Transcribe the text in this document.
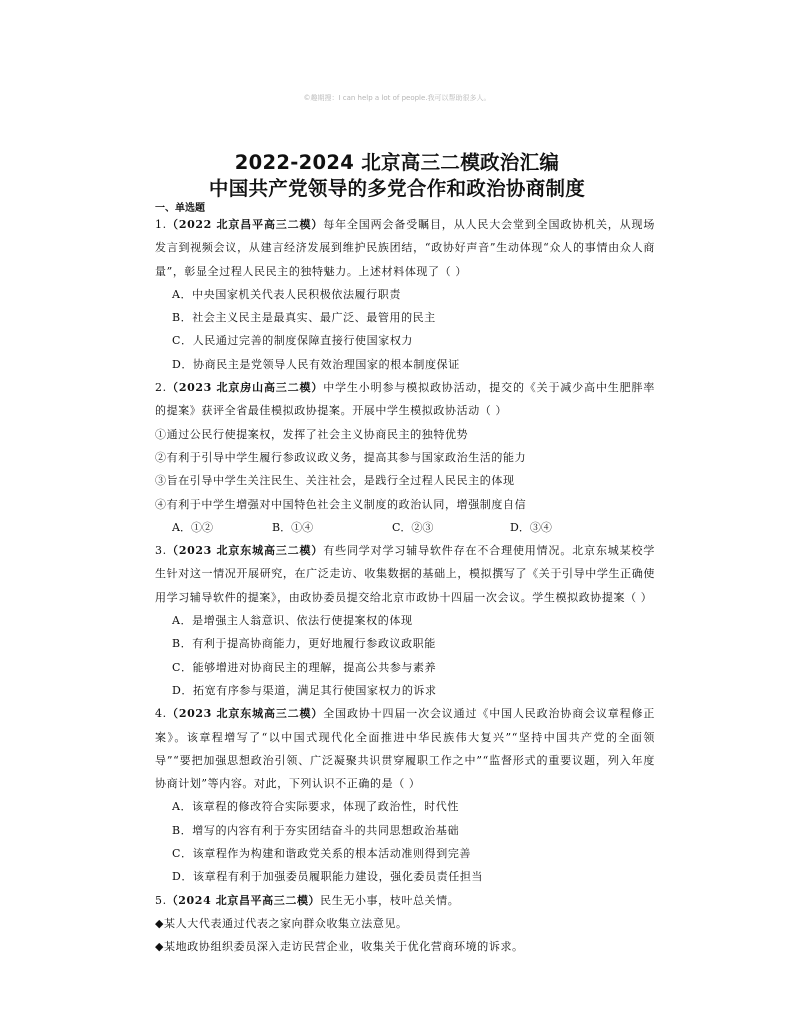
©趣期搜：I can help a lot of people.我可以帮助很多人。
2022-2024 北京高三二模政治汇编
中国共产党领导的多党合作和政治协商制度
一、单选题
1.（2022 北京昌平高三二模）每年全国两会备受瞩目，从人民大会堂到全国政协机关，从现场发言到视频会议，从建言经济发展到维护民族团结，“政协好声音”生动体现“众人的事情由众人商量”，彰显全过程人民民主的独特魅力。上述材料体现了（ ）
A．中央国家机关代表人民积极依法履行职责
B．社会主义民主是最真实、最广泛、最管用的民主
C．人民通过完善的制度保障直接行使国家权力
D．协商民主是党领导人民有效治理国家的根本制度保证
2.（2023 北京房山高三二模）中学生小明参与模拟政协活动，提交的《关于减少高中生肥胖率的提案》获评全省最佳模拟政协提案。开展中学生模拟政协活动（ ）
①通过公民行使提案权，发挥了社会主义协商民主的独特优势
②有利于引导中学生履行参政议政义务，提高其参与国家政治生活的能力
③旨在引导中学生关注民生、关注社会，是践行全过程人民民主的体现
④有利于中学生增强对中国特色社会主义制度的政治认同，增强制度自信
A．①②	B．①④	C．②③	D．③④
3.（2023 北京东城高三二模）有些同学对学习辅导软件存在不合理使用情况。北京东城某校学生针对这一情况开展研究，在广泛走访、收集数据的基础上，模拟撰写了《关于引导中学生正确使用学习辅导软件的提案》，由政协委员提交给北京市政协十四届一次会议。学生模拟政协提案（ ）
A．是增强主人翁意识、依法行使提案权的体现
B．有利于提高协商能力，更好地履行参政议政职能
C．能够增进对协商民主的理解，提高公共参与素养
D．拓宽有序参与渠道，满足其行使国家权力的诉求
4.（2023 北京东城高三二模）全国政协十四届一次会议通过《中国人民政治协商会议章程修正案》。该章程增写了“以中国式现代化全面推进中华民族伟大复兴”“坚持中国共产党的全面领导”“要把加强思想政治引领、广泛凝聚共识贯穿履职工作之中”“监督形式的重要议题，列入年度协商计划”等内容。对此，下列认识不正确的是（ ）
A．该章程的修改符合实际要求，体现了政治性，时代性
B．增写的内容有利于夯实团结奋斗的共同思想政治基础
C．该章程作为构建和谐政党关系的根本活动准则得到完善
D．该章程有利于加强委员履职能力建设，强化委员责任担当
5.（2024 北京昌平高三二模）民生无小事，枝叶总关情。
◆某人大代表通过代表之家向群众收集立法意见。
◆某地政协组织委员深入走访民营企业，收集关于优化营商环境的诉求。
